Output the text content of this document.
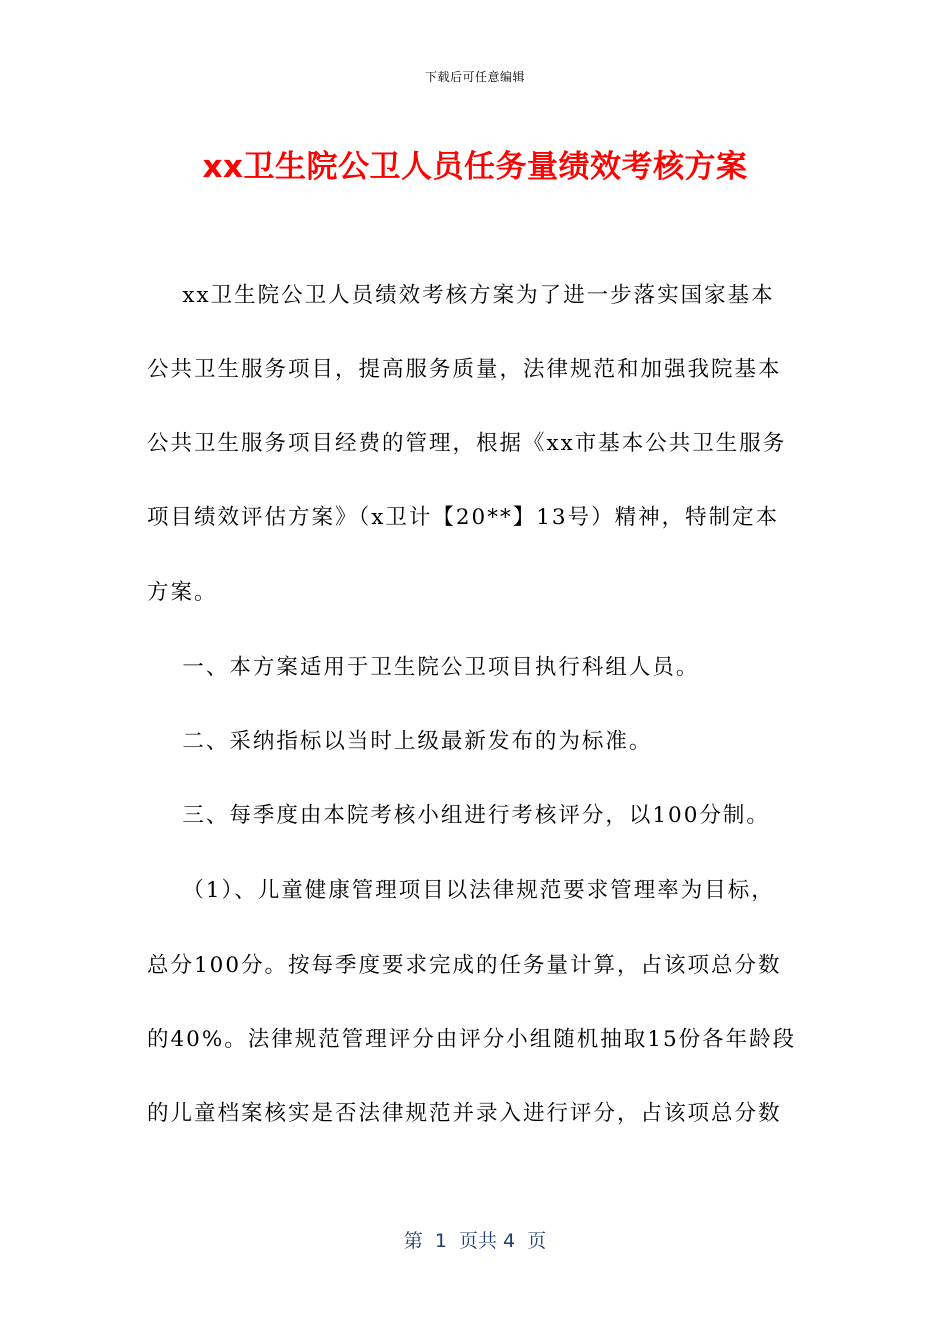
下载后可任意编辑
xx卫生院公卫人员任务量绩效考核方案
xx卫生院公卫人员绩效考核方案为了进一步落实国家基本
公共卫生服务项目，提高服务质量，法律规范和加强我院基本
公共卫生服务项目经费的管理，根据《xx市基本公共卫生服务
项目绩效评估方案》（x卫计【20**】13号）精神，特制定本
方案。
一、本方案适用于卫生院公卫项目执行科组人员。
二、采纳指标以当时上级最新发布的为标准。
三、每季度由本院考核小组进行考核评分，以100分制。
（1）、儿童健康管理项目以法律规范要求管理率为目标，
总分100分。按每季度要求完成的任务量计算，占该项总分数
的40%。法律规范管理评分由评分小组随机抽取15份各年龄段
的儿童档案核实是否法律规范并录入进行评分，占该项总分数
第  1  页共 4  页
